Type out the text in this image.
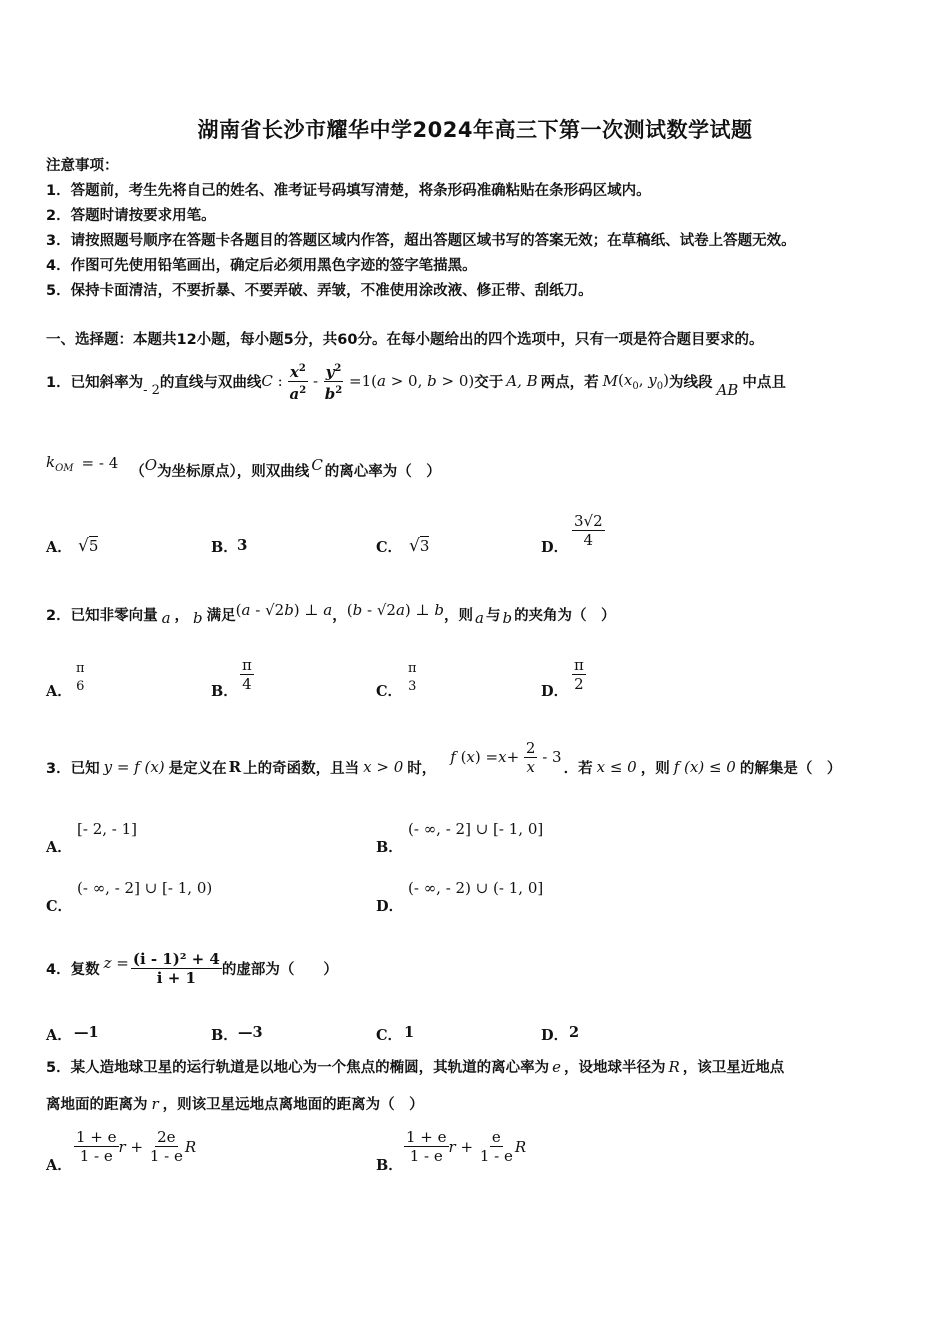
湖南省长沙市耀华中学2024年高三下第一次测试数学试题
注意事项：
1．答题前，考生先将自己的姓名、准考证号码填写清楚，将条形码准确粘贴在条形码区域内。
2．答题时请按要求用笔。
3．请按照题号顺序在答题卡各题目的答题区域内作答，超出答题区域书写的答案无效；在草稿纸、试卷上答题无效。
4．作图可先使用铅笔画出，确定后必须用黑色字迹的签字笔描黑。
5．保持卡面清洁，不要折暴、不要弄破、弄皱，不准使用涂改液、修正带、刮纸刀。
一、选择题：本题共12小题，每小题5分，共60分。在每小题给出的四个选项中，只有一项是符合题目要求的。
1．已知斜率为 - 2 的直线与双曲线 C : $\frac{x^2}{a^2} - \frac{y^2}{b^2} =1(a > 0$, b > 0) 交于 A, B 两点，若 M ($x_0$, $y_0$) 为线段 AB 中点且
$k_{OM}$ = - 4 （ O 为坐标原点），则双曲线 C 的离心率为（　）
A． √5	B． 3	C． √3	D． $\frac{3√2}{4}$
2．已知非零向量 a ， b 满足 (a - √2b) ⊥ a ， (b - √2a) ⊥ b ，则 a 与 b 的夹角为（　）
A．
π
6	B． $\frac{\pi}{4}$	C．
π
3	D． $\frac{\pi}{2}$
3．已知 y = f (x) 是定义在 R 上的奇函数，且当 x > 0 时，
f ( x ) = $x + \frac{2}{x} - 3$
．若 x ≤ 0 ，则 f (x) ≤ 0 的解集是（　）
A．
[- 2, - 1]
B．
(- ∞, - 2] ∪ [- 1, 0]
C．
(- ∞, - 2] ∪ [- 1, 0)
D．
(- ∞, - 2) ∪ (- 1, 0]
4．复数 $z = \frac{\text{(i - 1)² + 4}}{i + 1}$ 的虚部为（　　）
A． —1	B． —3	C． 1	D． 2
5．某人造地球卫星的运行轨道是以地心为一个焦点的椭圆，其轨道的离心率为 e ，设地球半径为 R ，该卫星近地点
离地面的距离为 r ，则该卫星远地点离地面的距离为（　）
A．
$\frac{1 + e}{1 - e}$ $r + \frac{2e}{1 - e}$ R
B．
$\frac{1 + e}{1 - e}$ $r + \frac{e}{1 - e}$ R
